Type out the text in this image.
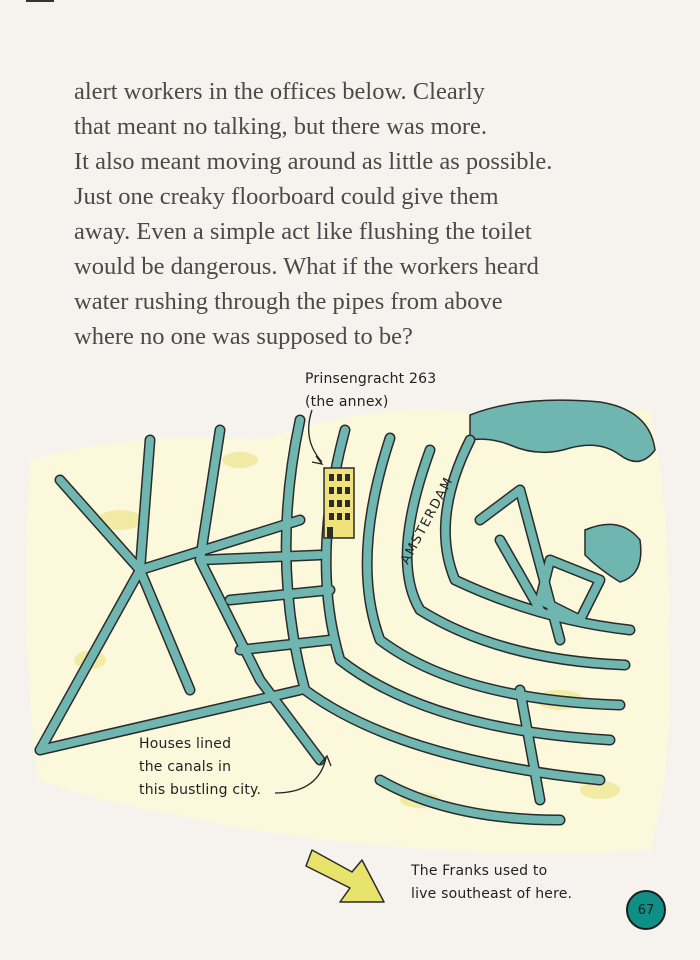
alert workers in the offices below. Clearly
that meant no talking, but there was more.
It also meant moving around as little as possible.
Just one creaky floorboard could give them
away. Even a simple act like flushing the toilet
would be dangerous. What if the workers heard
water rushing through the pipes from above
where no one was supposed to be?
Prinsengracht 263
(the annex)
AMSTERDAM
Houses lined
the canals in
this bustling city.
The Franks used to
live southeast of here.
67
